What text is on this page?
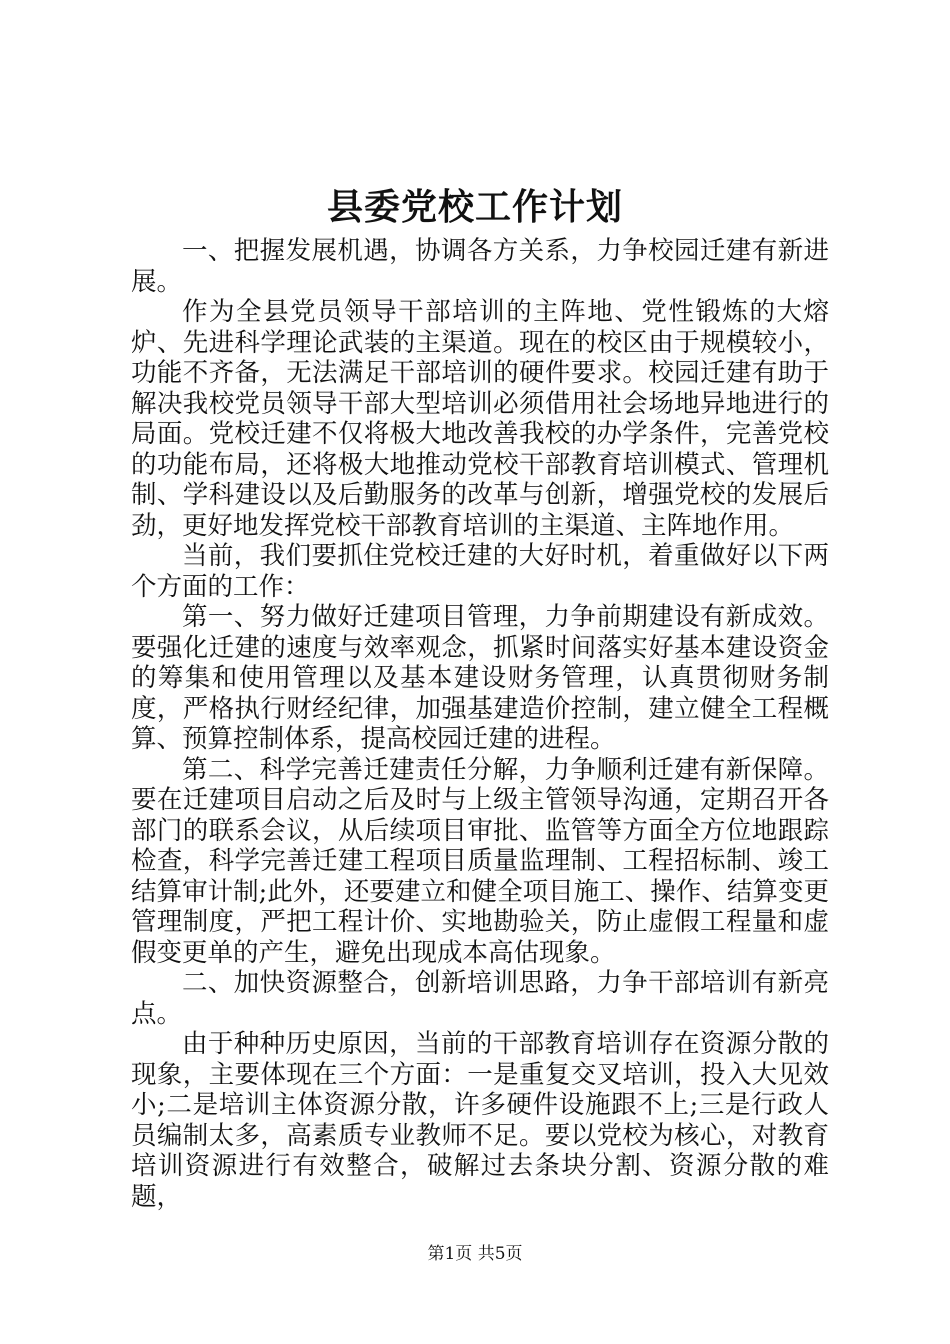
县委党校工作计划

一、把握发展机遇，协调各方关系，力争校园迁建有新进展。

作为全县党员领导干部培训的主阵地、党性锻炼的大熔炉、先进科学理论武装的主渠道。现在的校区由于规模较小，功能不齐备，无法满足干部培训的硬件要求。校园迁建有助于解决我校党员领导干部大型培训必须借用社会场地异地进行的局面。党校迁建不仅将极大地改善我校的办学条件，完善党校的功能布局，还将极大地推动党校干部教育培训模式、管理机制、学科建设以及后勤服务的改革与创新，增强党校的发展后劲，更好地发挥党校干部教育培训的主渠道、主阵地作用。

当前，我们要抓住党校迁建的大好时机，着重做好以下两个方面的工作：

第一、努力做好迁建项目管理，力争前期建设有新成效。要强化迁建的速度与效率观念，抓紧时间落实好基本建设资金的筹集和使用管理以及基本建设财务管理，认真贯彻财务制度，严格执行财经纪律，加强基建造价控制，建立健全工程概算、预算控制体系，提高校园迁建的进程。

第二、科学完善迁建责任分解，力争顺利迁建有新保障。要在迁建项目启动之后及时与上级主管领导沟通，定期召开各部门的联系会议，从后续项目审批、监管等方面全方位地跟踪检查，科学完善迁建工程项目质量监理制、工程招标制、竣工结算审计制;此外，还要建立和健全项目施工、操作、结算变更管理制度，严把工程计价、实地勘验关，防止虚假工程量和虚假变更单的产生，避免出现成本高估现象。

二、加快资源整合，创新培训思路，力争干部培训有新亮点。

由于种种历史原因，当前的干部教育培训存在资源分散的现象，主要体现在三个方面：一是重复交叉培训，投入大见效小;二是培训主体资源分散，许多硬件设施跟不上;三是行政人员编制太多，高素质专业教师不足。要以党校为核心，对教育培训资源进行有效整合，破解过去条块分割、资源分散的难题，

第1页 共5页
